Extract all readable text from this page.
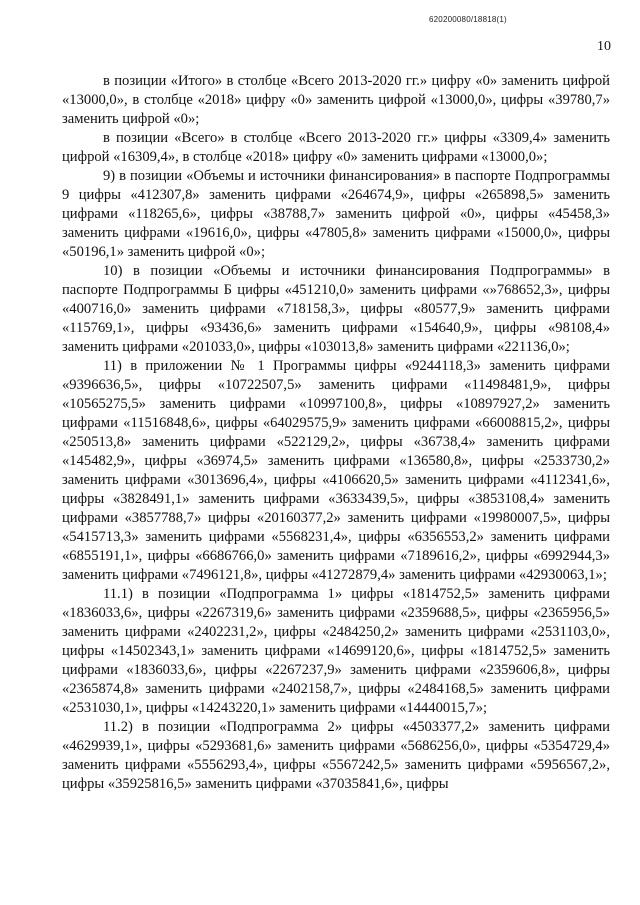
620200080/18818(1)
10

в позиции «Итого» в столбце «Всего 2013-2020 гг.» цифру «0» заменить цифрой «13000,0», в столбце «2018» цифру «0» заменить цифрой «13000,0», цифры «39780,7» заменить цифрой «0»;

в позиции «Всего» в столбце «Всего 2013-2020 гг.» цифры «3309,4» заменить цифрой «16309,4», в столбце «2018» цифру «0» заменить цифрами «13000,0»;

9) в позиции «Объемы и источники финансирования» в паспорте Подпрограммы 9 цифры «412307,8» заменить цифрами «264674,9», цифры «265898,5» заменить цифрами «118265,6», цифры «38788,7» заменить цифрой «0», цифры «45458,3» заменить цифрами «19616,0», цифры «47805,8» заменить цифрами «15000,0», цифры «50196,1» заменить цифрой «0»;

10) в позиции «Объемы и источники финансирования Подпрограммы» в паспорте Подпрограммы Б цифры «451210,0» заменить цифрами «»768652,3», цифры «400716,0» заменить цифрами «718158,3», цифры «80577,9» заменить цифрами «115769,1», цифры «93436,6» заменить цифрами «154640,9», цифры «98108,4» заменить цифрами «201033,0», цифры «103013,8» заменить цифрами «221136,0»;

11) в приложении № 1 Программы цифры «9244118,3» заменить цифрами «9396636,5», цифры «10722507,5» заменить цифрами «11498481,9», цифры «10565275,5» заменить цифрами «10997100,8», цифры «10897927,2» заменить цифрами «11516848,6», цифры «64029575,9» заменить цифрами «66008815,2», цифры «250513,8» заменить цифрами «522129,2», цифры «36738,4» заменить цифрами «145482,9», цифры «36974,5» заменить цифрами «136580,8», цифры «2533730,2» заменить цифрами «3013696,4», цифры «4106620,5» заменить цифрами «4112341,6», цифры «3828491,1» заменить цифрами «3633439,5», цифры «3853108,4» заменить цифрами «3857788,7» цифры «20160377,2» заменить цифрами «19980007,5», цифры «5415713,3» заменить цифрами «5568231,4», цифры «6356553,2» заменить цифрами «6855191,1», цифры «6686766,0» заменить цифрами «7189616,2», цифры «6992944,3» заменить цифрами «7496121,8», цифры «41272879,4» заменить цифрами «42930063,1»;

11.1) в позиции «Подпрограмма 1» цифры «1814752,5» заменить цифрами «1836033,6», цифры «2267319,6» заменить цифрами «2359688,5», цифры «2365956,5» заменить цифрами «2402231,2», цифры «2484250,2» заменить цифрами «2531103,0», цифры «14502343,1» заменить цифрами «14699120,6», цифры «1814752,5» заменить цифрами «1836033,6», цифры «2267237,9» заменить цифрами «2359606,8», цифры «2365874,8» заменить цифрами «2402158,7», цифры «2484168,5» заменить цифрами «2531030,1», цифры «14243220,1» заменить цифрами «14440015,7»;

11.2) в позиции «Подпрограмма 2» цифры «4503377,2» заменить цифрами «4629939,1», цифры «5293681,6» заменить цифрами «5686256,0», цифры «5354729,4» заменить цифрами «5556293,4», цифры «5567242,5» заменить цифрами «5956567,2», цифры «35925816,5» заменить цифрами «37035841,6», цифры
